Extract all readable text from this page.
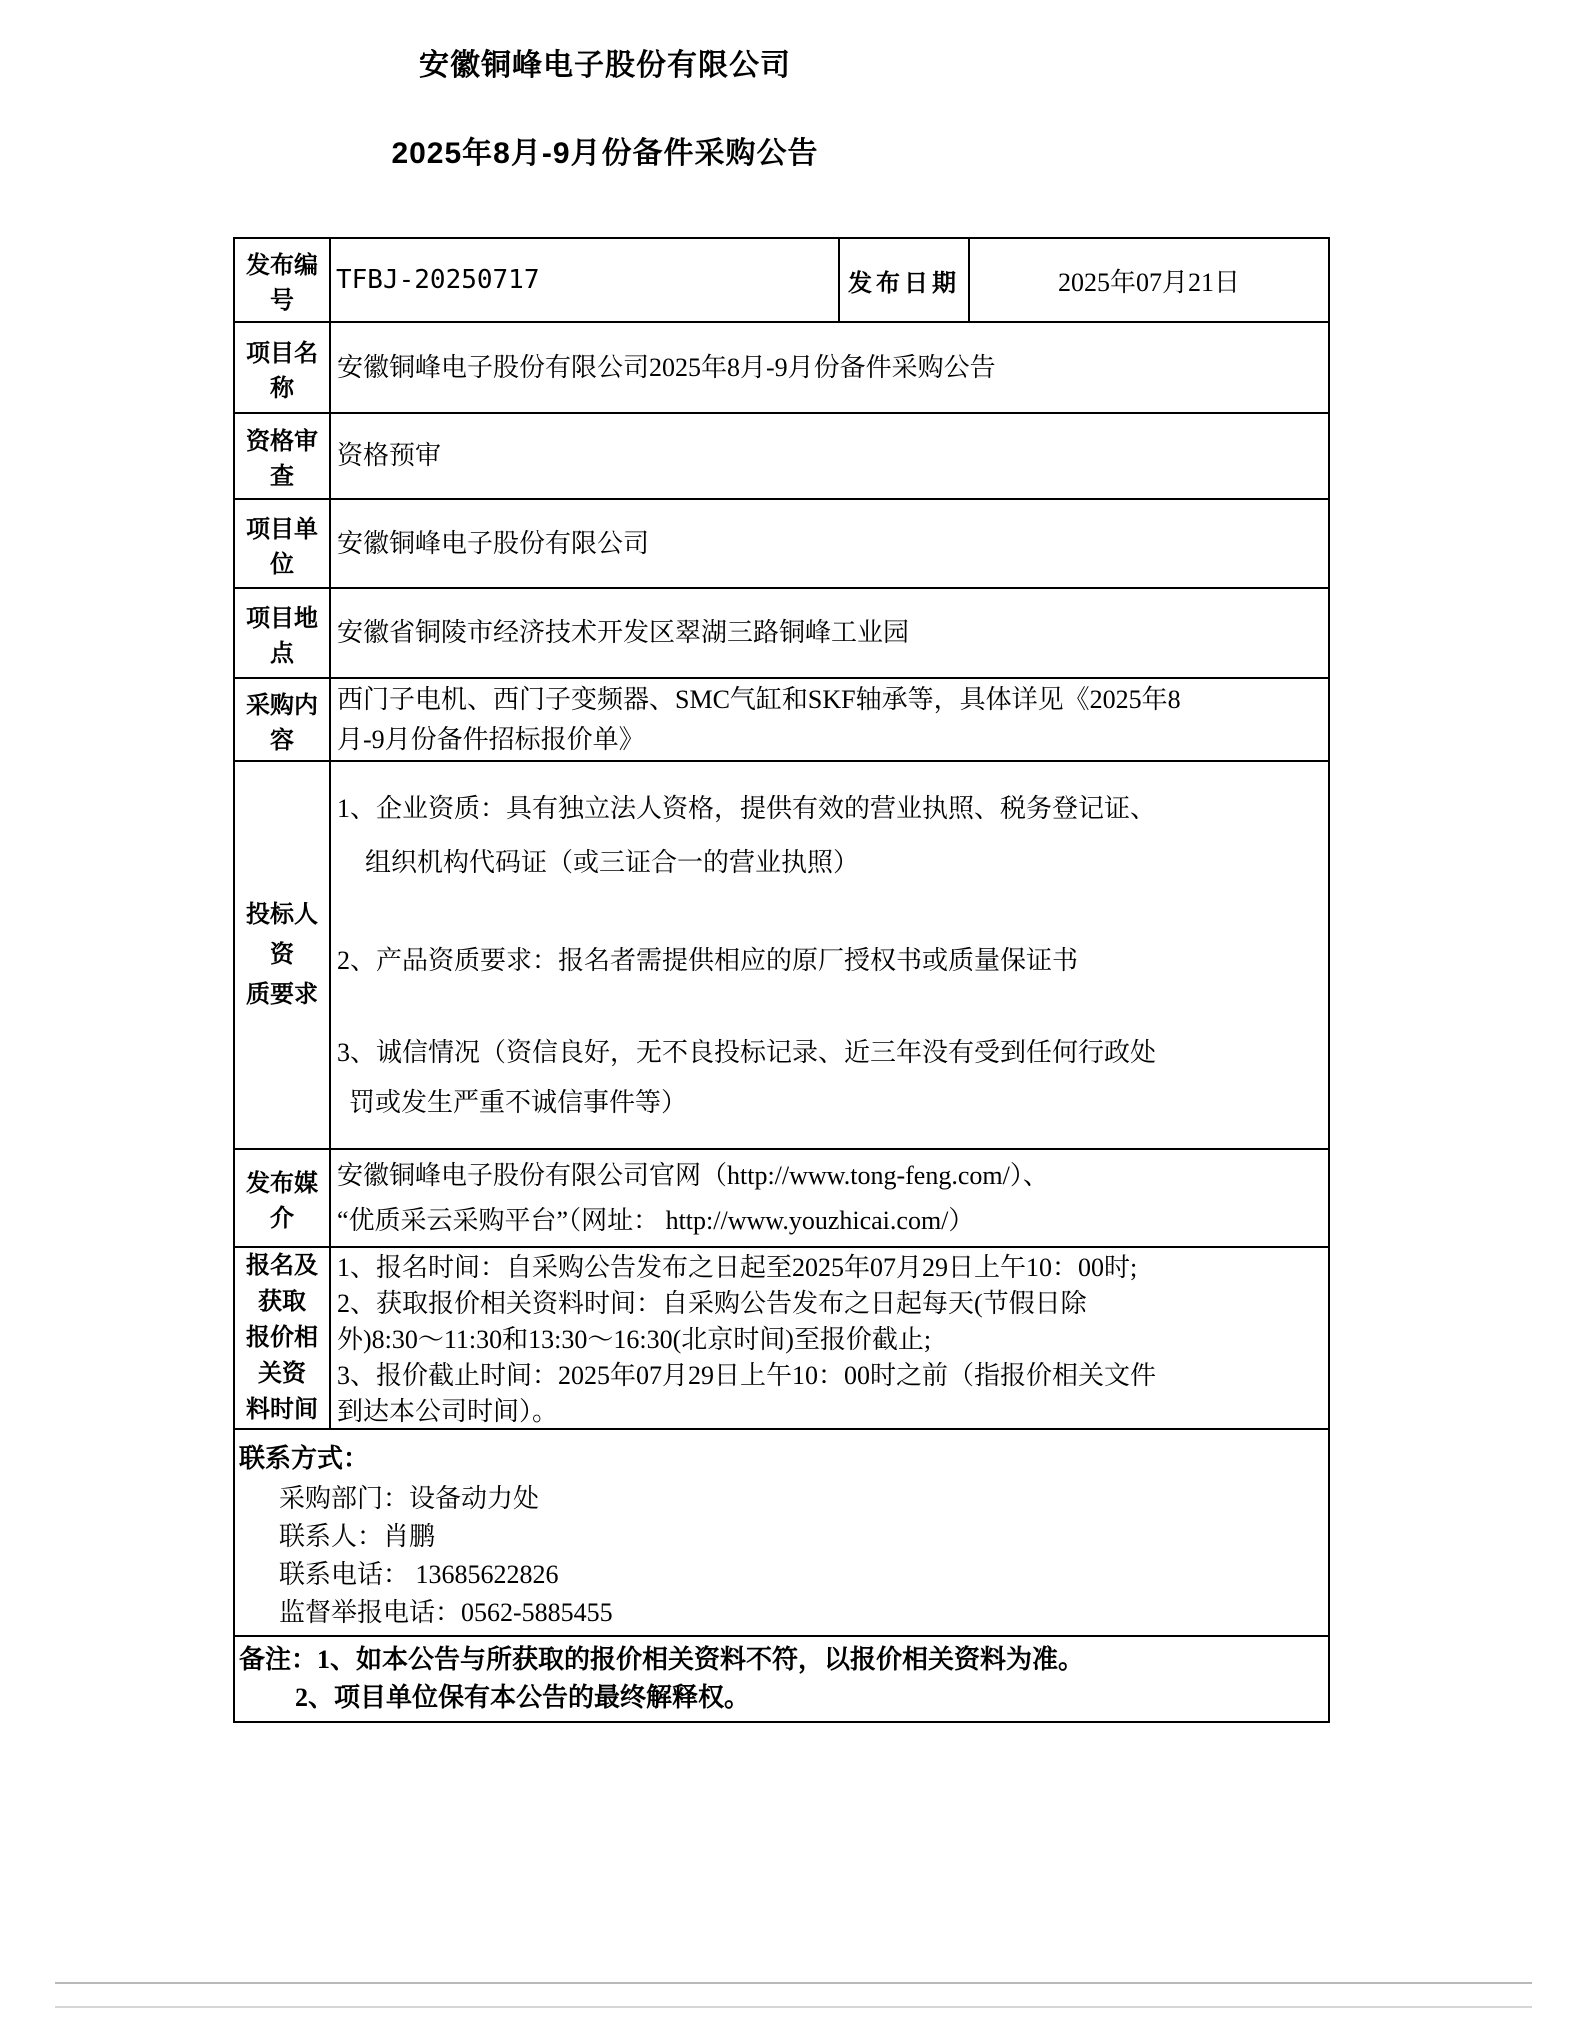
安徽铜峰电子股份有限公司
2025年8月-9月份备件采购公告
发布编号
TFBJ-20250717	发布日期	2025年07月21日
项目名称
安徽铜峰电子股份有限公司2025年8月-9月份备件采购公告
资格审查
资格预审
项目单位
安徽铜峰电子股份有限公司
项目地点
安徽省铜陵市经济技术开发区翠湖三路铜峰工业园
采购内容
西门子电机、西门子变频器、SMC气缸和SKF轴承等，具体详见《2025年8
月-9月份备件招标报价单》
投标人资
质要求
1、企业资质：具有独立法人资格，提供有效的营业执照、税务登记证、
组织机构代码证（或三证合一的营业执照）
2、产品资质要求：报名者需提供相应的原厂授权书或质量保证书
3、诚信情况（资信良好，无不良投标记录、近三年没有受到任何行政处
罚或发生严重不诚信事件等）
发布媒介
安徽铜峰电子股份有限公司官网（http://www.tong-feng.com/）、
“优质采云采购平台”（网址： http://www.youzhicai.com/）
报名及获取
报价相关资
料时间
1、报名时间：自采购公告发布之日起至2025年07月29日上午10：00时;
2、获取报价相关资料时间：自采购公告发布之日起每天(节假日除
外)8:30～11:30和13:30～16:30(北京时间)至报价截止;
3、报价截止时间：2025年07月29日上午10：00时之前（指报价相关文件
到达本公司时间）。
联系方式：
采购部门：设备动力处
联系人：肖鹏
联系电话： 13685622826
监督举报电话：0562-5885455
备注：1、如本公告与所获取的报价相关资料不符，以报价相关资料为准。
2、项目单位保有本公告的最终解释权。
